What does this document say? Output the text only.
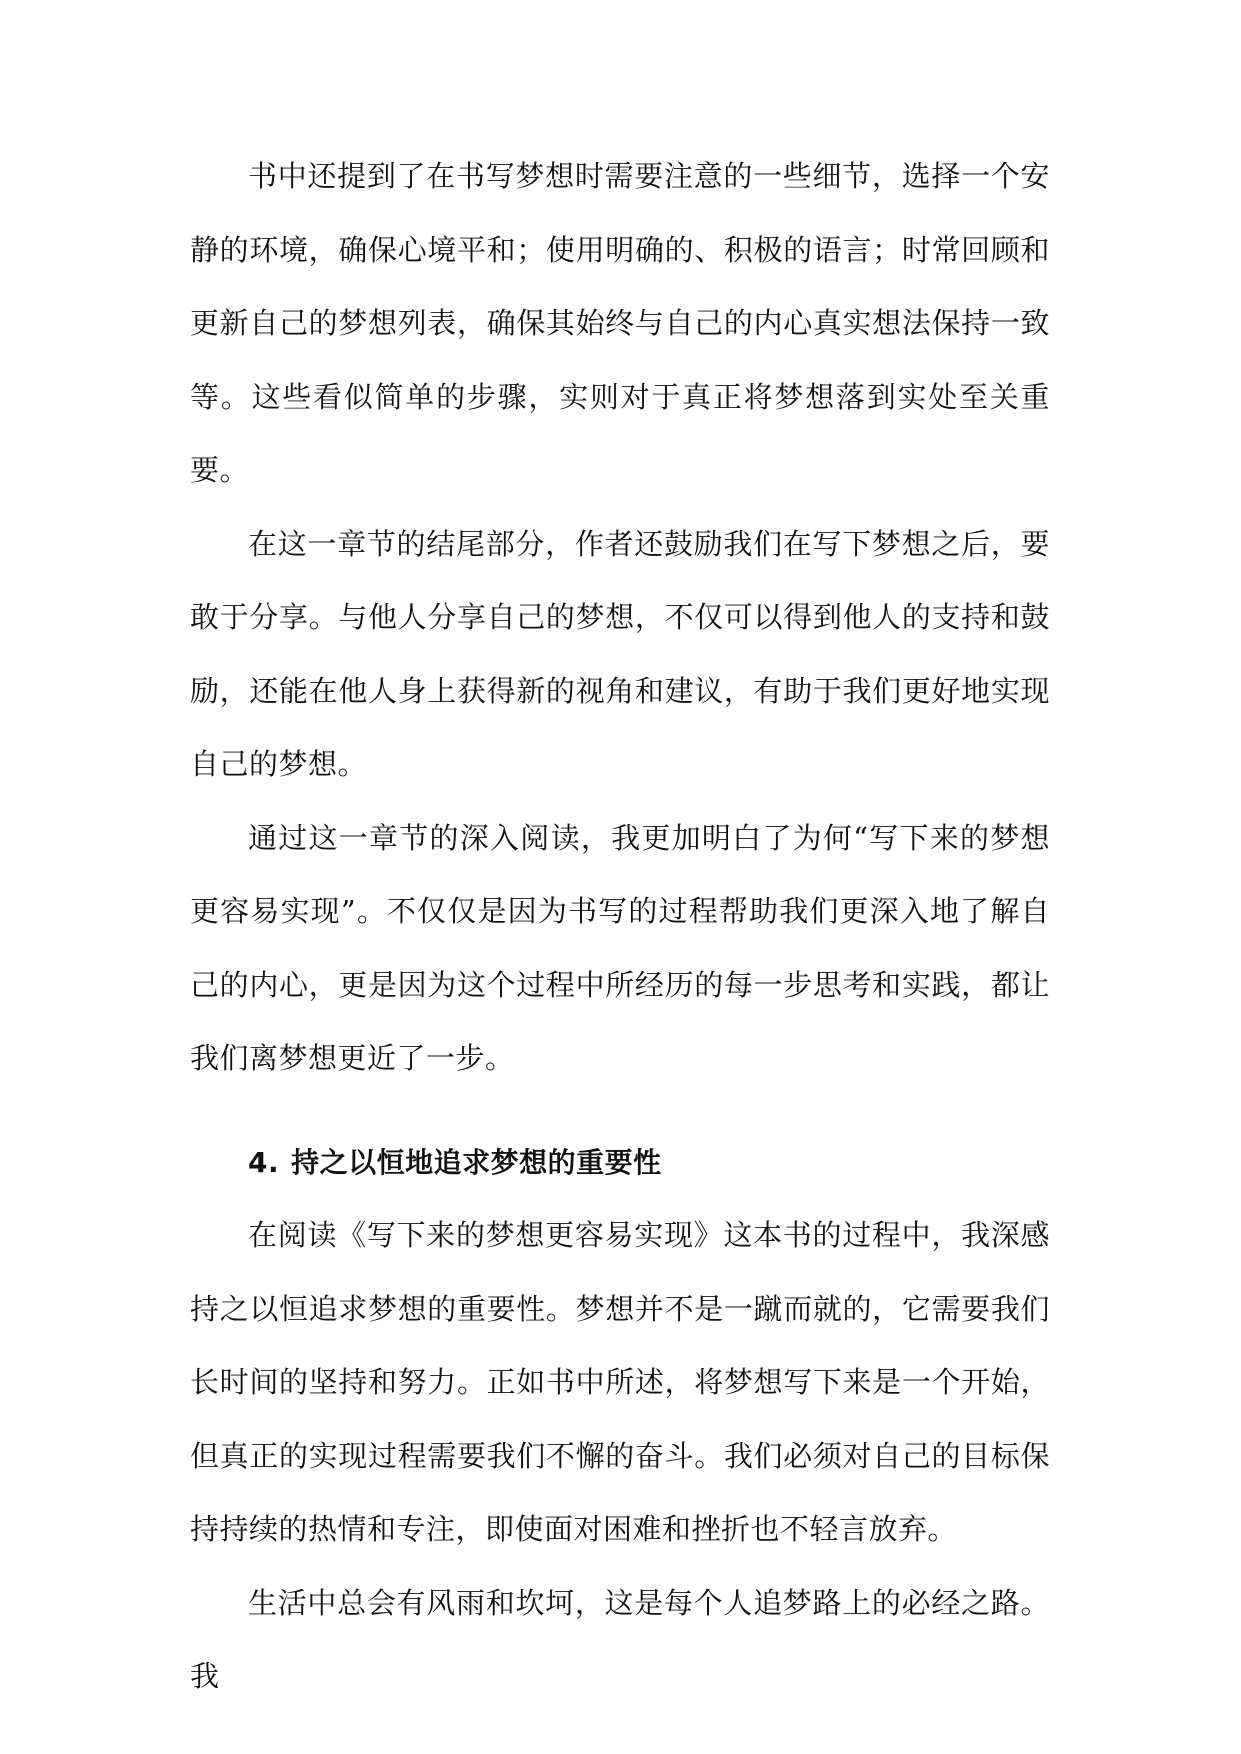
书中还提到了在书写梦想时需要注意的一些细节，选择一个安静的环境，确保心境平和；使用明确的、积极的语言；时常回顾和更新自己的梦想列表，确保其始终与自己的内心真实想法保持一致等。这些看似简单的步骤，实则对于真正将梦想落到实处至关重要。

在这一章节的结尾部分，作者还鼓励我们在写下梦想之后，要敢于分享。与他人分享自己的梦想，不仅可以得到他人的支持和鼓励，还能在他人身上获得新的视角和建议，有助于我们更好地实现自己的梦想。

通过这一章节的深入阅读，我更加明白了为何“写下来的梦想更容易实现”。不仅仅是因为书写的过程帮助我们更深入地了解自己的内心，更是因为这个过程中所经历的每一步思考和实践，都让我们离梦想更近了一步。

4. 持之以恒地追求梦想的重要性

在阅读《写下来的梦想更容易实现》这本书的过程中，我深感持之以恒追求梦想的重要性。梦想并不是一蹴而就的，它需要我们长时间的坚持和努力。正如书中所述，将梦想写下来是一个开始，但真正的实现过程需要我们不懈的奋斗。我们必须对自己的目标保持持续的热情和专注，即使面对困难和挫折也不轻言放弃。

生活中总会有风雨和坎坷，这是每个人追梦路上的必经之路。我
